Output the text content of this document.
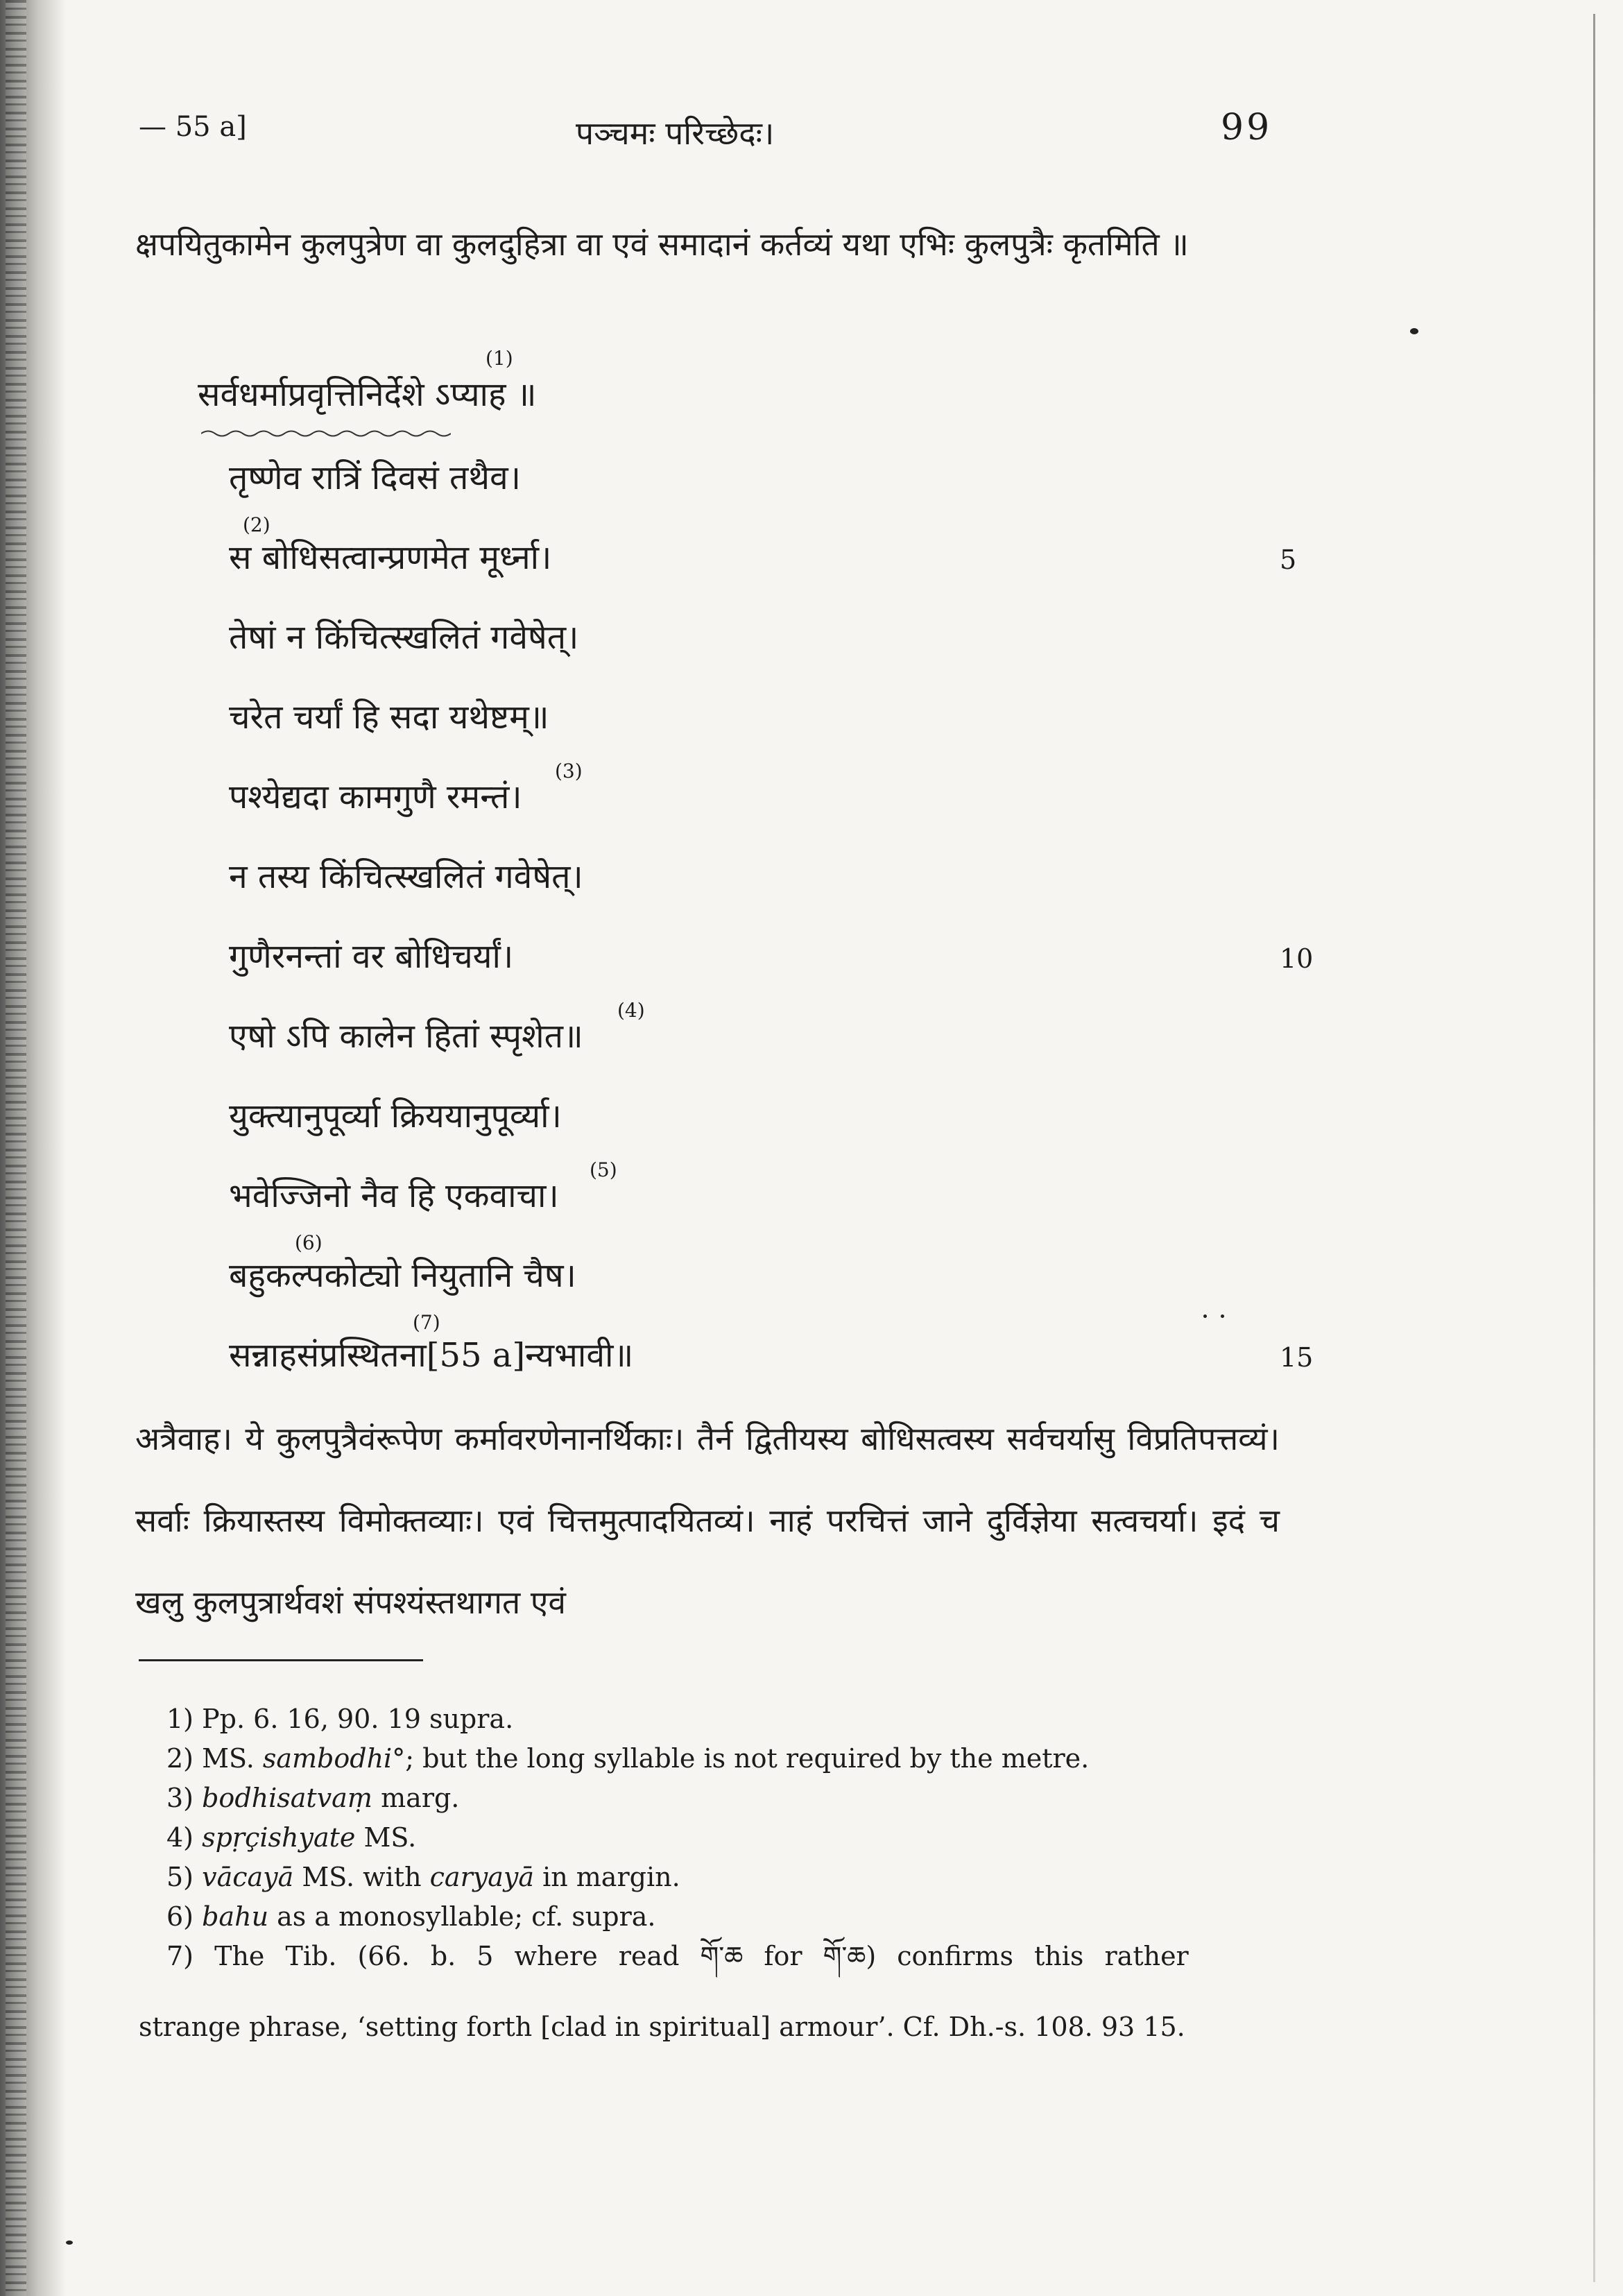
— 55 a]	पञ्चमः परिच्छेदः।	99
क्षपयितुकामेन कुलपुत्रेण वा कुलदुहित्रा वा एवं समादानं कर्तव्यं यथा एभिः कुलपुत्रैः कृतमिति ॥
(1)
सर्वधर्माप्रवृत्तिनिर्देशे ऽप्याह ॥
तृष्णेव रात्रिं दिवसं तथैव।
(2)
स बोधिसत्वान्प्रणमेत मूर्ध्ना।	5
तेषां न किंचित्स्खलितं गवेषेत्।
चरेत चर्यां हि सदा यथेष्टम्॥
पश्येद्यदा कामगुणै रमन्तं।
(3)
न तस्य किंचित्स्खलितं गवेषेत्।
गुणैरनन्तां वर बोधिचर्यां।	10
एषो ऽपि कालेन हितां स्पृशेत॥
(4)
युक्त्यानुपूर्व्या क्रिययानुपूर्व्या।
भवेज्जिनो नैव हि एकवाचा।
(5)
(6)
बहुकल्पकोट्यो नियुतानि चैष।
(7)
सन्नाहसंप्रस्थितना[55 a]न्यभावी॥	15
अत्रैवाह। ये कुलपुत्रैवंरूपेण कर्मावरणेनानर्थिकाः। तैर्न द्वितीयस्य बोधिसत्वस्य सर्वचर्यासु विप्रतिपत्तव्यं। सर्वाः क्रियास्तस्य विमोक्तव्याः। एवं चित्तमुत्पादयितव्यं। नाहं परचित्तं जाने दुर्विज्ञेया सत्वचर्या। इदं च खलु कुलपुत्रार्थवशं संपश्यंस्तथागत एवं
1) Pp. 6. 16, 90. 19 supra.
2) MS. sambodhi°; but the long syllable is not required by the metre.
3) bodhisatvaṃ marg.
4) spṛçishyate MS.
5) vācayā MS. with caryayā in margin.
6) bahu as a monosyllable; cf. supra.
7) The Tib. (66. b. 5 where read གོ་ཆ for གོ་ཆ) confirms this rather
strange phrase, ‘setting forth [clad in spiritual] armour’. Cf. Dh.-s. 108. 93 15.
